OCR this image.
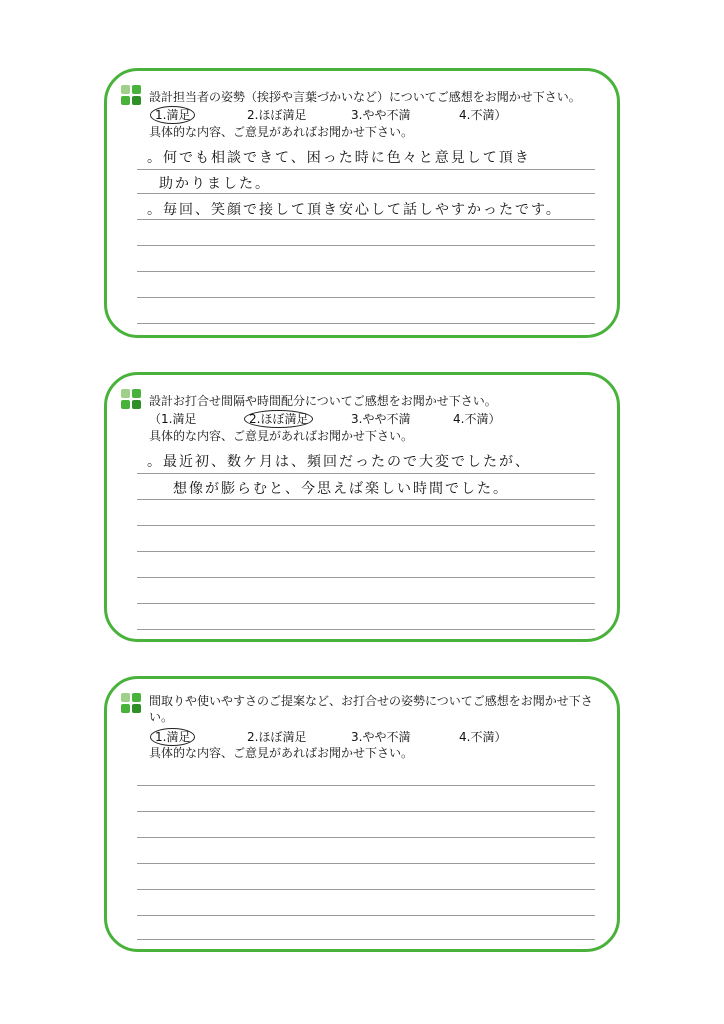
設計担当者の姿勢（挨拶や言葉づかいなど）についてご感想をお聞かせ下さい。
1.満足	2.ほぼ満足	3.やや不満	4.不満）
具体的な内容、ご意見があればお聞かせ下さい。
。何でも相談できて、困った時に色々と意見して頂き
助かりました。
。毎回、笑顔で接して頂き安心して話しやすかったです。
設計お打合せ間隔や時間配分についてご感想をお聞かせ下さい。
（1.満足	2.ほぼ満足	3.やや不満	4.不満）
具体的な内容、ご意見があればお聞かせ下さい。
。最近初、数ケ月は、頻回だったので大変でしたが、
想像が膨らむと、今思えば楽しい時間でした。
間取りや使いやすさのご提案など、お打合せの姿勢についてご感想をお聞かせ下さい。
1.満足	2.ほぼ満足	3.やや不満	4.不満）
具体的な内容、ご意見があればお聞かせ下さい。
